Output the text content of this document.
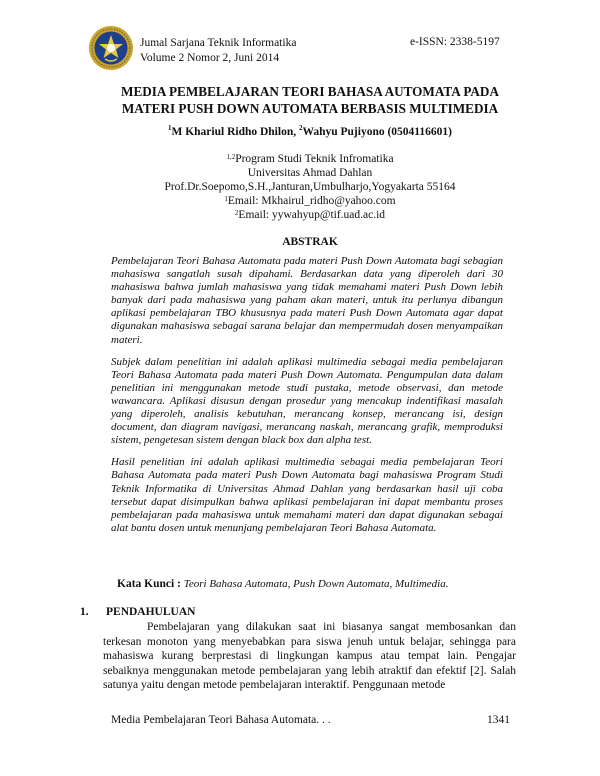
Jumal Sarjana Teknik Informatika
Volume 2 Nomor 2, Juni 2014
e-ISSN: 2338-5197
MEDIA PEMBELAJARAN TEORI BAHASA AUTOMATA PADA
MATERI PUSH DOWN AUTOMATA BERBASIS MULTIMEDIA
$^1$M Khariul Ridho Dhilon, $^2$Wahyu Pujiyono (0504116601)
$^{1,2}$Program Studi Teknik Infromatika
Universitas Ahmad Dahlan
Prof.Dr.Soepomo,S.H.,Janturan,Umbulharjo,Yogyakarta 55164
$^1$Email: Mkhairul_ridho@yahoo.com
$^2$Email: yywahyup@tif.uad.ac.id
ABSTRAK

Pembelajaran Teori Bahasa Automata pada materi Push Down Automata bagi sebagian mahasiswa sangatlah susah dipahami. Berdasarkan data yang diperoleh dari 30 mahasiswa bahwa jumlah mahasiswa yang tidak memahami materi Push Down lebih banyak dari pada mahasiswa yang paham akan materi, untuk itu perlunya dibangun aplikasi pembelajaran TBO khususnya pada materi Push Down Automata agar dapat digunakan mahasiswa sebagai sarana belajar dan mempermudah dosen menyampaikan materi.

Subjek dalam penelitian ini adalah aplikasi multimedia sebagai media pembelajaran Teori Bahasa Automata pada materi Push Down Automata. Pengumpulan data dalam penelitian ini menggunakan metode studi pustaka, metode observasi, dan metode wawancara. Aplikasi disusun dengan prosedur yang mencakup indentifikasi masalah yang diperoleh, analisis kebutuhan, merancang konsep, merancang isi, design document, dan diagram navigasi, merancang naskah, merancang grafik, memproduksi sistem, pengetesan sistem dengan black box dan alpha test.

Hasil penelitian ini adalah aplikasi multimedia sebagai media pembelajaran Teori Bahasa Automata pada materi Push Down Automata bagi mahasiswa Program Studi Teknik Informatika di Universitas Ahmad Dahlan yang berdasarkan hasil uji coba tersebut dapat disimpulkan bahwa aplikasi pembelajaran ini dapat membantu proses pembelajaran pada mahasiswa untuk memahami materi dan dapat digunakan sebagai alat bantu dosen untuk menunjang pembelajaran Teori Bahasa Automata.

Kata Kunci : Teori Bahasa Automata, Push Down Automata, Multimedia.
1. PENDAHULUAN

Pembelajaran yang dilakukan saat ini biasanya sangat membosankan dan terkesan monoton yang menyebabkan para siswa jenuh untuk belajar, sehingga para mahasiswa kurang berprestasi di lingkungan kampus atau tempat lain. Pengajar sebaiknya menggunakan metode pembelajaran yang lebih atraktif dan efektif [2]. Salah satunya yaitu dengan metode pembelajaran interaktif. Penggunaan metode

Media Pembelajaran Teori Bahasa Automata. . .	1341
